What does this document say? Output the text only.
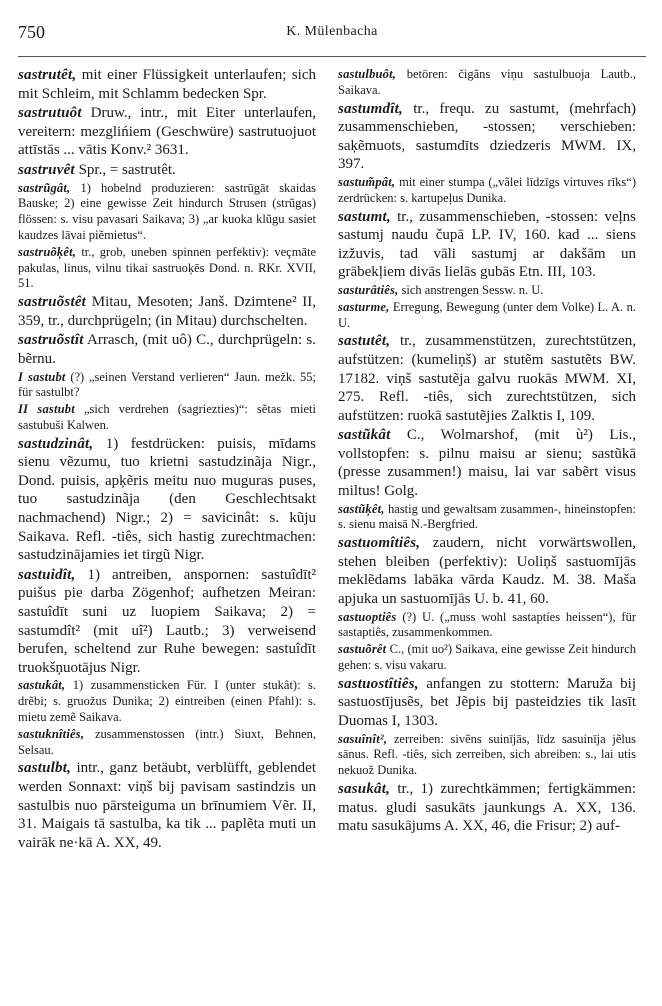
750	K. Mülenbacha

sastrutêt, mit einer Flüssigkeit unterlaufen; sich mit Schleim, mit Schlamm bedecken Spr.

sastrutuôt Druw., intr., mit Eiter unterlaufen, vereitern: mezglińiem (Geschwüre) sastrutuojuot attīstās ... vātis Konv.² 3631.

sastruvêt Spr., = sastrutêt.

sastrũgât, 1) hobelnd produzieren: sastrūgāt skaidas Bauske; 2) eine gewisse Zeit hindurch Strusen (strũgas) flössen: s. visu pavasari Saikava; 3) „ar kuoka klũgu sasiet kaudzes lāvai piẽmietus“.

sastruõķêt, tr., grob, uneben spinnen perfektiv): veçmāte pakulas, linus, vilnu tikai sastruoķēs Dond. n. RKr. XVII, 51.

sastruõstêt Mitau, Mesoten; Janš. Dzimtene² II, 359, tr., durchprügeln; (in Mitau) durchschelten.

sastruõstît Arrasch, (mit uô) C., durchprügeln: s. bẽrnu.

I sastubt (?) „seinen Verstand verlieren“ Jaun. mežk. 55; für sastulbt?

II sastubt „sich verdrehen (sagriezties)“: sẽtas mieti sastubuši Kalwen.

sastudzinât, 1) festdrücken: puisis, mīdams sienu vẽzumu, tuo krietni sastudzinãja Nigr., Dond. puisis, apķẽris meitu nuo muguras puses, tuo sastudzinãja (den Geschlechtsakt nachmachend) Nigr.; 2) = savicinât: s. kũju Saikava. Refl. -tiês, sich hastig zurechtmachen: sastudzinājamies iet tirgũ Nigr.

sastuidît, 1) antreiben, anspornen: sastuîdīt² puišus pie darba Zögenhof; aufhetzen Meiran: sastuîdīt suni uz luopiem Saikava; 2) = sastumdît² (mit uî²) Lautb.; 3) verweisend berufen, scheltend zur Ruhe bewegen: sastuîdīt truokšņuotājus Nigr.

sastukât, 1) zusammensticken Für. I (unter stukât): s. drẽbi; s. gruožus Dunika; 2) eintreiben (einen Pfahl): s. mietu zemẽ Saikava.

sastuknîtiês, zusammenstossen (intr.) Siuxt, Behnen, Selsau.

sastulbt, intr., ganz betäubt, verblüfft, geblendet werden Sonnaxt: viņš bij pavisam sastindzis un sastulbis nuo pārsteiguma un brīnumiem Vẽr. II, 31. Maigais tā sastulba, ka tik ... paplẽta muti un vairāk ne·kā A. XX, 49.

sastulbuôt, betören: čigãns viņu sastulbuoja Lautb., Saikava.

sastumdît, tr., frequ. zu sastumt, (mehrfach) zusammenschieben, -stossen; verschieben: saķẽmuots, sastumdīts dziedzeris MWM. IX, 397.

sastum̃pât, mit einer stumpa („vãlei līdzīgs virtuves rīks“) zerdrücken: s. kartupeļus Dunika.

sastumt, tr., zusammenschieben, -stossen: veļns sastumj naudu čupā LP. IV, 160. kad ... siens izžuvis, tad vāli sastumj ar dakšām un grābekļiem divās lielās gubās Etn. III, 103.

sasturâtiês, sich anstrengen Sessw. n. U.

sasturme, Erregung, Bewegung (unter dem Volke) L. A. n. U.

sastutêt, tr., zusammenstützen, zurechtstützen, aufstützen: (kumeliņš) ar stutẽm sastutẽts BW. 17182. viņš sastutẽja galvu ruokās MWM. XI, 275. Refl. -tiês, sich zurechtstützen, sich aufstützen: ruokā sastutẽjies Zalktis I, 109.

sastũkât C., Wolmarshof, (mit ù²) Lis., vollstopfen: s. pilnu maisu ar sienu; sastũkā (presse zusammen!) maisu, lai var sabẽrt visus miltus! Golg.

sastũķêt, hastig und gewaltsam zusammen-, hineinstopfen: s. sienu maisā N.-Bergfried.

sastuomîtiês, zaudern, nicht vorwärtswollen, stehen bleiben (perfektiv): Uoliņš sastuomījās meklẽdams labāka vārda Kaudz. M. 38. Maša apjuka un sastuomījās U. b. 41, 60.

sastuoptiês (?) U. („muss wohl sastaptíes heissen“), für sastaptiês, zusammenkommen.

sastuõrêt C., (mit uo²) Saikava, eine gewisse Zeit hindurch gehen: s. visu vakaru.

sastuostîtiês, anfangen zu stottern: Maruža bij sastuostījusẽs, bet Jẽpis bij pasteidzies tik lasīt Duomas I, 1303.

sasuînît², zerreiben: sivẽns suinījās, līdz sasuinīja jẽlus sānus. Refl. -tiês, sich zerreiben, sich abreiben: s., lai utis nekuož Dunika.

sasukât, tr., 1) zurechtkämmen; fertigkämmen: matus. gludi sasukāts jaunkungs A. XX, 136. matu sasukājums A. XX, 46, die Frisur; 2) auf-
